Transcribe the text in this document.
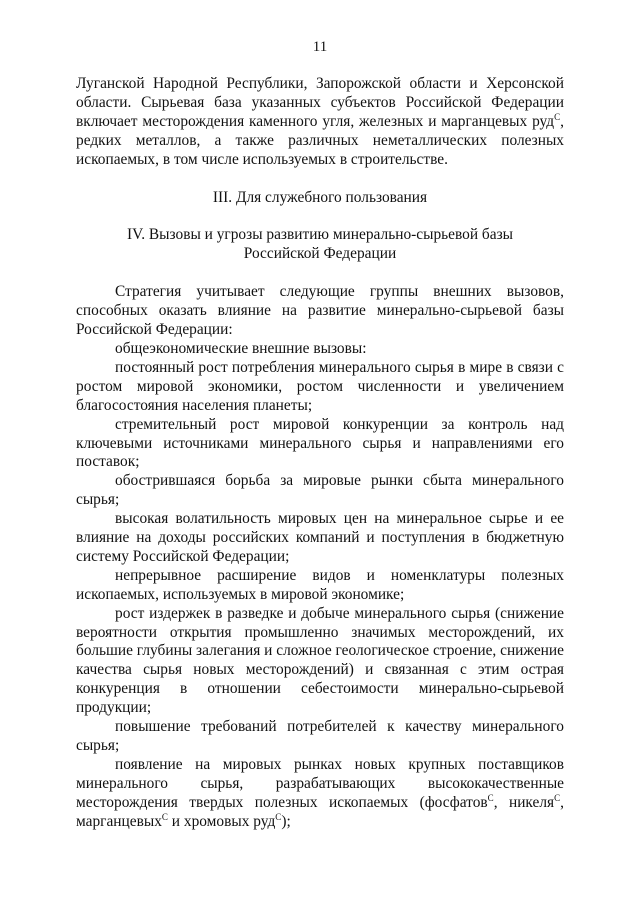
11

Луганской Народной Республики, Запорожской области и Херсонской области. Сырьевая база указанных субъектов Российской Федерации включает месторождения каменного угля, железных и марганцевых руд$^С$, редких металлов, а также различных неметаллических полезных ископаемых, в том числе используемых в строительстве.

III. Для служебного пользования

IV. Вызовы и угрозы развитию минерально-сырьевой базы

Российской Федерации

Стратегия учитывает следующие группы внешних вызовов, способных оказать влияние на развитие минерально-сырьевой базы Российской Федерации:

общеэкономические внешние вызовы:

постоянный рост потребления минерального сырья в мире в связи с ростом мировой экономики, ростом численности и увеличением благосостояния населения планеты;

стремительный рост мировой конкуренции за контроль над ключевыми источниками минерального сырья и направлениями его поставок;

обострившаяся борьба за мировые рынки сбыта минерального сырья;

высокая волатильность мировых цен на минеральное сырье и ее влияние на доходы российских компаний и поступления в бюджетную систему Российской Федерации;

непрерывное расширение видов и номенклатуры полезных ископаемых, используемых в мировой экономике;

рост издержек в разведке и добыче минерального сырья (снижение вероятности открытия промышленно значимых месторождений, их большие глубины залегания и сложное геологическое строение, снижение качества сырья новых месторождений) и связанная с этим острая конкуренция в отношении себестоимости минерально-сырьевой продукции;

повышение требований потребителей к качеству минерального сырья;

появление на мировых рынках новых крупных поставщиков минерального сырья, разрабатывающих высококачественные месторождения твердых полезных ископаемых (фосфатов$^С$, никеля$^С$, марганцевых$^С$ и хромовых руд$^С$);
